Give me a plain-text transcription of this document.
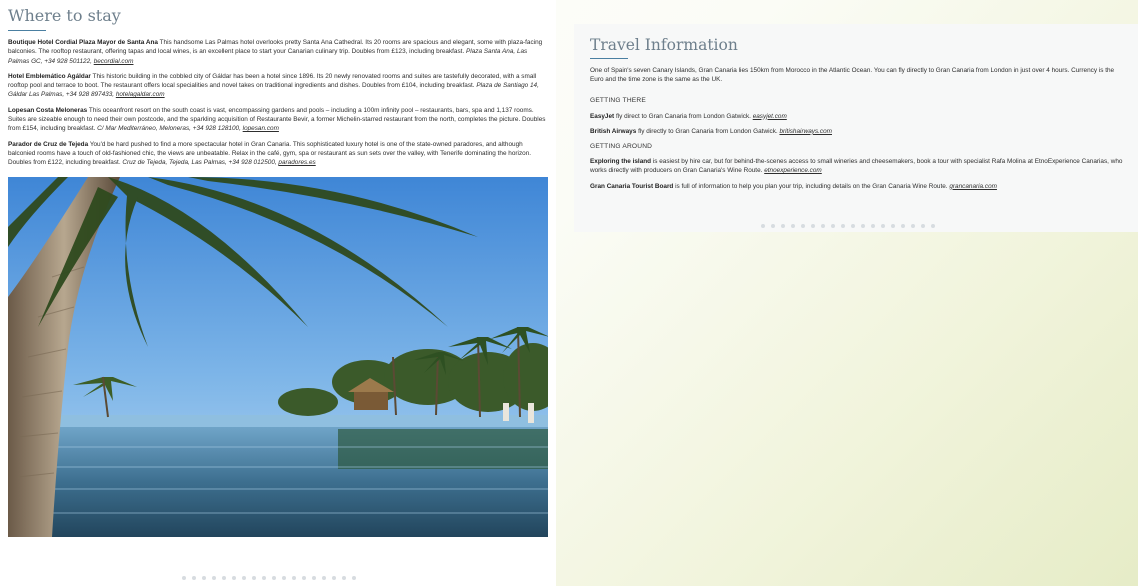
Where to stay

Boutique Hotel Cordial Plaza Mayor de Santa Ana This handsome Las Palmas hotel overlooks pretty Santa Ana Cathedral. Its 20 rooms are spacious and elegant, some with plaza-facing balconies. The rooftop restaurant, offering tapas and local wines, is an excellent place to start your Canarian culinary trip. Doubles from £123, including breakfast. Plaza Santa Ana, Las Palmas GC, +34 928 501122, becordial.com

Hotel Emblemático Agáldar This historic building in the cobbled city of Gáldar has been a hotel since 1896. Its 20 newly renovated rooms and suites are tastefully decorated, with a small rooftop pool and terrace to boot. The restaurant offers local specialities and novel takes on traditional ingredients and dishes. Doubles from £104, including breakfast. Plaza de Santiago 14, Gáldar Las Palmas, +34 928 897433, hotelagaldar.com

Lopesan Costa Meloneras This oceanfront resort on the south coast is vast, encompassing gardens and pools – including a 100m infinity pool – restaurants, bars, spa and 1,137 rooms. Suites are sizeable enough to need their own postcode, and the sparkling acquisition of Restaurante Bevir, a former Michelin-starred restaurant from the north, completes the picture. Doubles from £154, including breakfast. C/ Mar Mediterráneo, Meloneras, +34 928 128100, lopesan.com

Parador de Cruz de Tejeda You'd be hard pushed to find a more spectacular hotel in Gran Canaria. This sophisticated luxury hotel is one of the state-owned paradores, and although balconied rooms have a touch of old-fashioned chic, the views are unbeatable. Relax in the café, gym, spa or restaurant as sun sets over the valley, with Tenerife dominating the horizon. Doubles from £122, including breakfast. Cruz de Tejeda, Tejeda, Las Palmas, +34 928 012500, paradores.es

Travel Information

One of Spain's seven Canary Islands, Gran Canaria lies 150km from Morocco in the Atlantic Ocean. You can fly directly to Gran Canaria from London in just over 4 hours. Currency is the Euro and the time zone is the same as the UK.

GETTING THERE

EasyJet fly direct to Gran Canaria from London Gatwick. easyjet.com

British Airways fly directly to Gran Canaria from London Gatwick. britishairways.com

GETTING AROUND

Exploring the island is easiest by hire car, but for behind-the-scenes access to small wineries and cheesemakers, book a tour with specialist Rafa Molina at EtnoExperience Canarias, who works directly with producers on Gran Canaria's Wine Route. etnoexperience.com

Gran Canaria Tourist Board is full of information to help you plan your trip, including details on the Gran Canaria Wine Route. grancanaria.com
